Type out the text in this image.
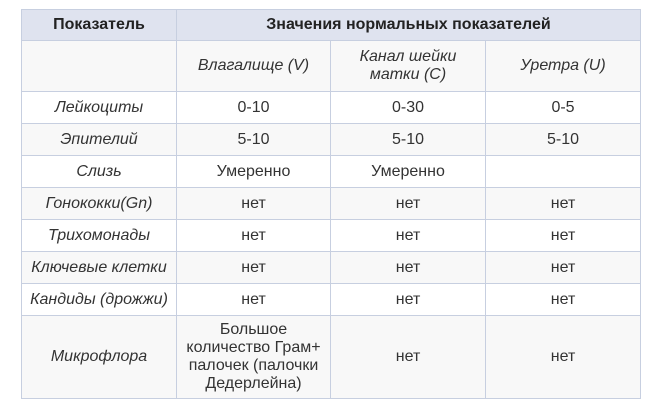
Показатель	Значения нормальных показателей		
	Влагалище (V)	Канал шейки матки (C)	Уретра (U)
Лейкоциты	0-10	0-30	0-5
Эпителий	5-10	5-10	5-10
Слизь	Умеренно	Умеренно	
Гонококки(Gn)	нет	нет	нет
Трихомонады	нет	нет	нет
Ключевые клетки	нет	нет	нет
Кандиды (дрожжи)	нет	нет	нет
Микрофлора	Большое количество Грам+ палочек (палочки Дедерлейна)	нет	нет
